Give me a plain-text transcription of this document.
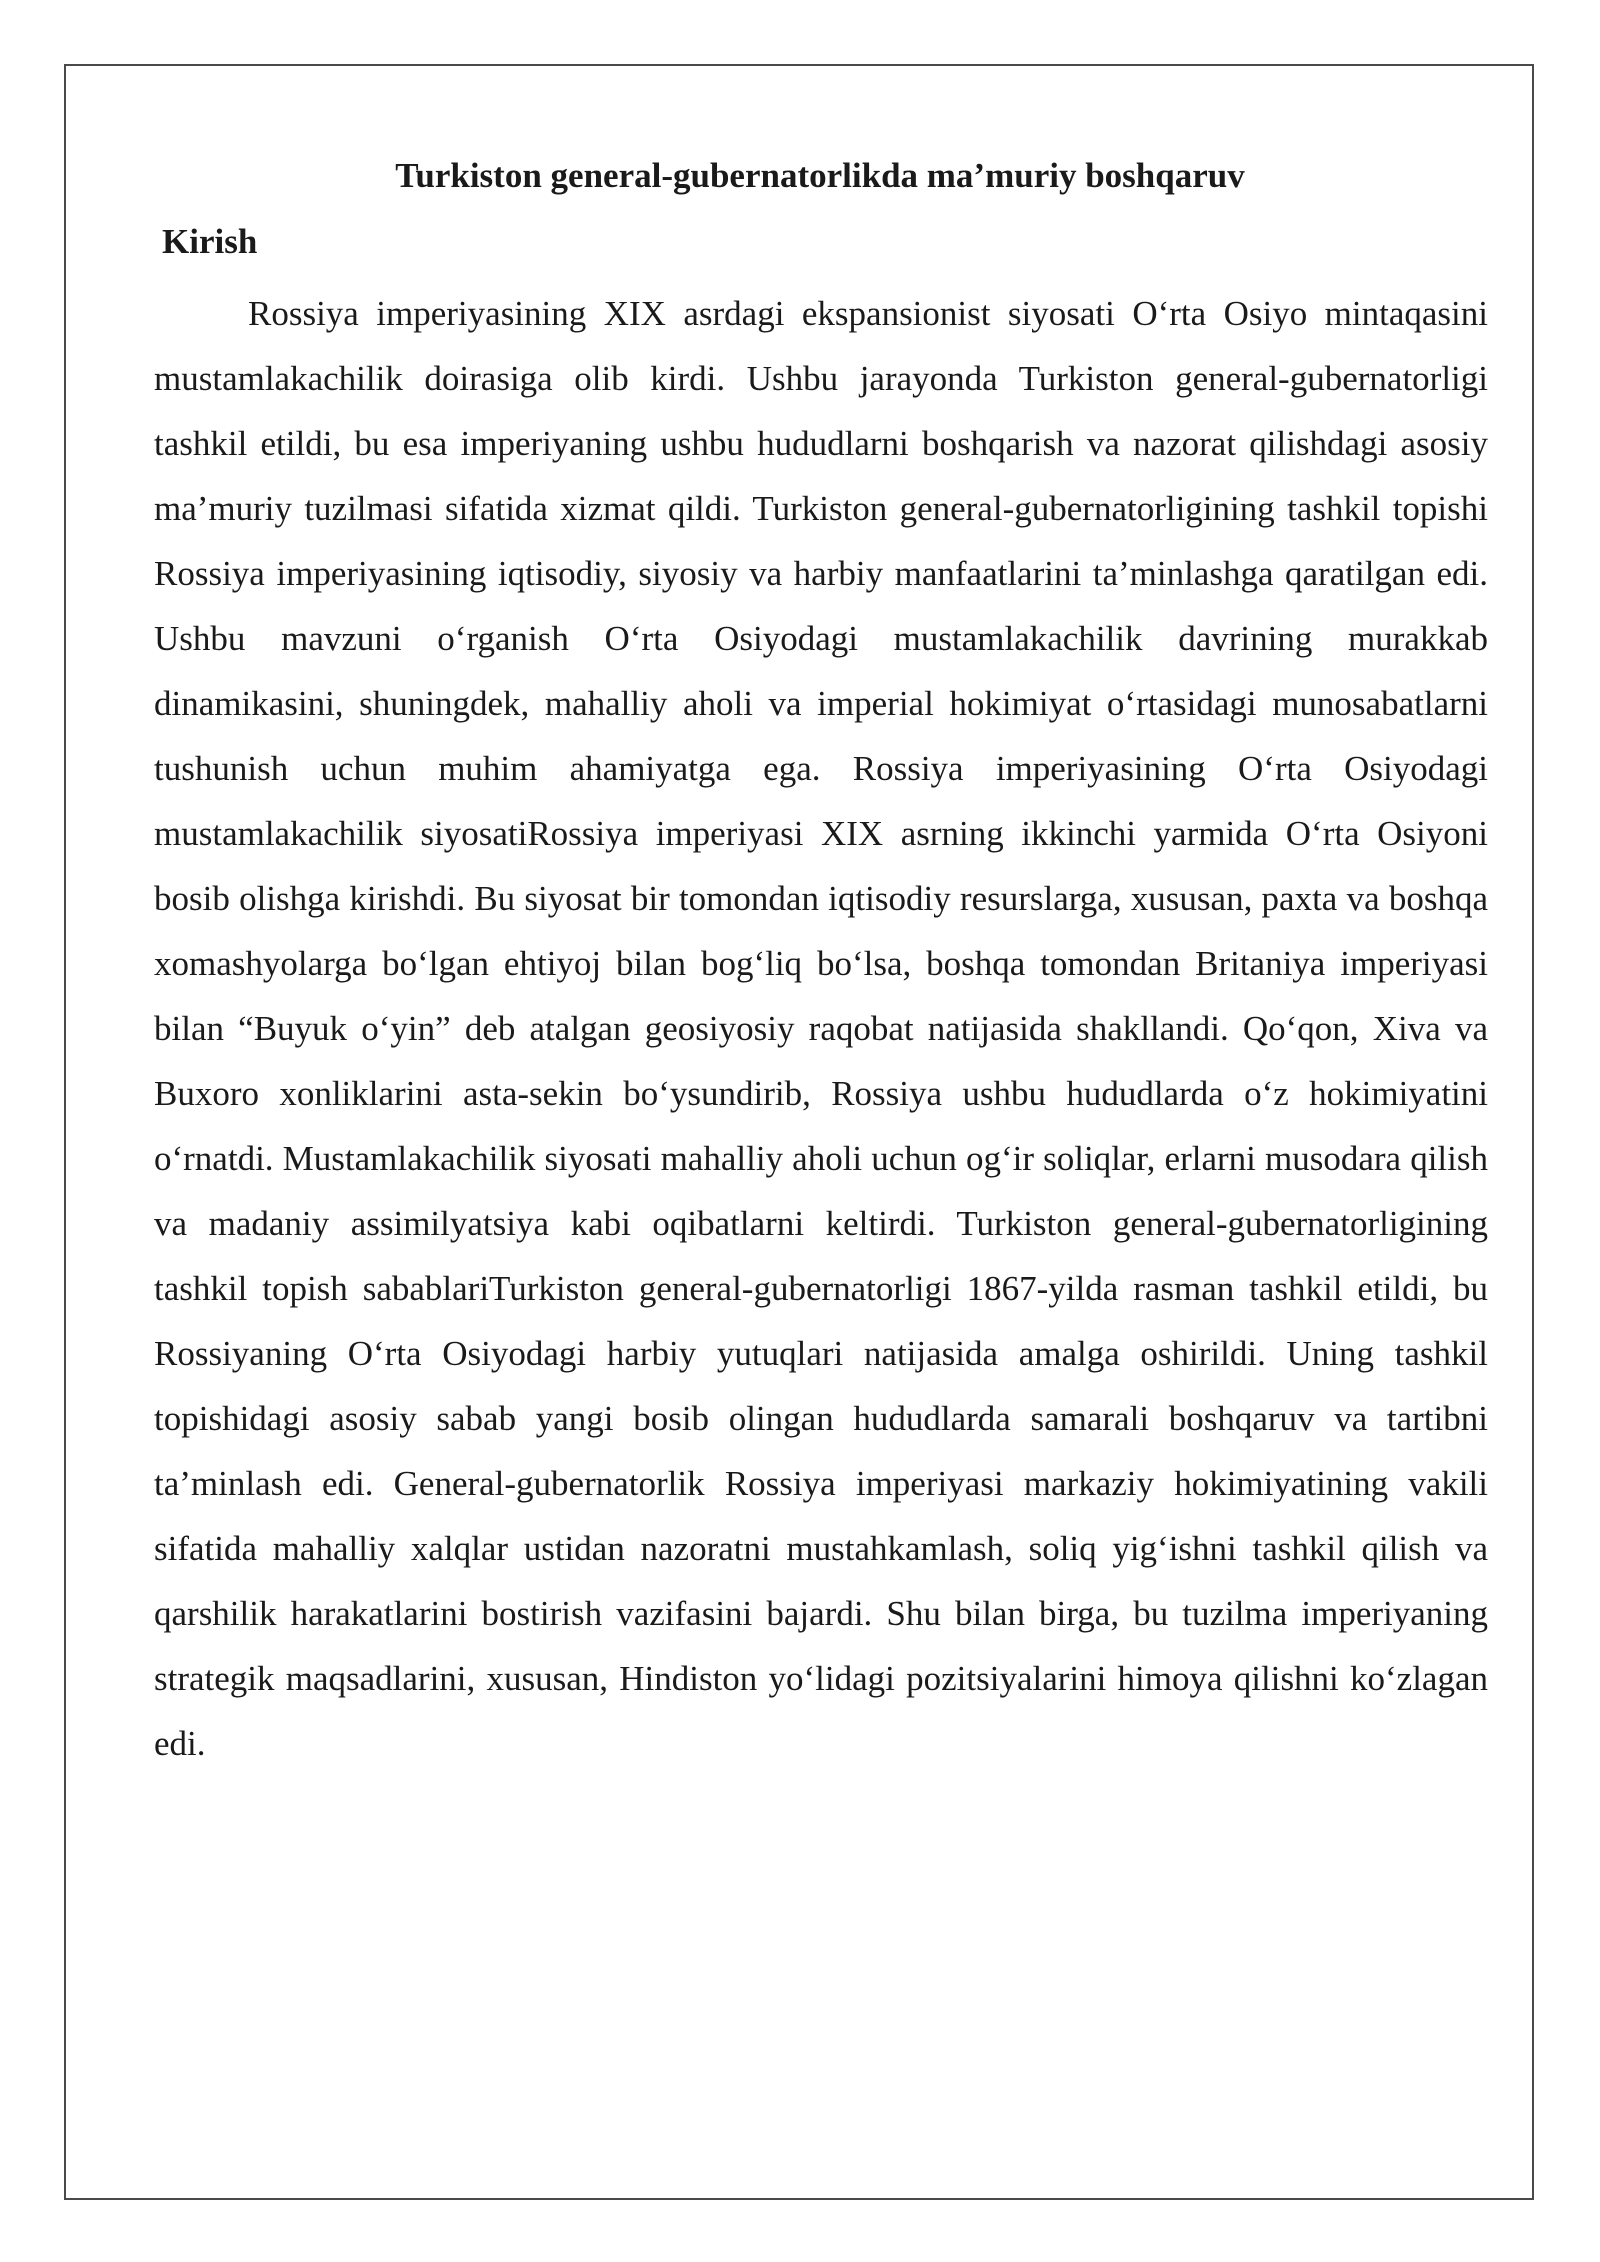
Turkiston general-gubernatorlikda ma’muriy boshqaruv
Kirish

Rossiya imperiyasining XIX asrdagi ekspansionist siyosati O‘rta Osiyo mintaqasini mustamlakachilik doirasiga olib kirdi. Ushbu jarayonda Turkiston general-gubernatorligi tashkil etildi, bu esa imperiyaning ushbu hududlarni boshqarish va nazorat qilishdagi asosiy ma’muriy tuzilmasi sifatida xizmat qildi. Turkiston general-gubernatorligining tashkil topishi Rossiya imperiyasining iqtisodiy, siyosiy va harbiy manfaatlarini ta’minlashga qaratilgan edi. Ushbu mavzuni o‘rganish O‘rta Osiyodagi mustamlakachilik davrining murakkab dinamikasini, shuningdek, mahalliy aholi va imperial hokimiyat o‘rtasidagi munosabatlarni tushunish uchun muhim ahamiyatga ega. Rossiya imperiyasining O‘rta Osiyodagi mustamlakachilik siyosatiRossiya imperiyasi XIX asrning ikkinchi yarmida O‘rta Osiyoni bosib olishga kirishdi. Bu siyosat bir tomondan iqtisodiy resurslarga, xususan, paxta va boshqa xomashyolarga bo‘lgan ehtiyoj bilan bog‘liq bo‘lsa, boshqa tomondan Britaniya imperiyasi bilan “Buyuk o‘yin” deb atalgan geosiyosiy raqobat natijasida shakllandi. Qo‘qon, Xiva va Buxoro xonliklarini asta-sekin bo‘ysundirib, Rossiya ushbu hududlarda o‘z hokimiyatini o‘rnatdi. Mustamlakachilik siyosati mahalliy aholi uchun og‘ir soliqlar, erlarni musodara qilish va madaniy assimilyatsiya kabi oqibatlarni keltirdi. Turkiston general-gubernatorligining tashkil topish sabablariTurkiston general-gubernatorligi 1867-yilda rasman tashkil etildi, bu Rossiyaning O‘rta Osiyodagi harbiy yutuqlari natijasida amalga oshirildi. Uning tashkil topishidagi asosiy sabab yangi bosib olingan hududlarda samarali boshqaruv va tartibni ta’minlash edi. General-gubernatorlik Rossiya imperiyasi markaziy hokimiyatining vakili sifatida mahalliy xalqlar ustidan nazoratni mustahkamlash, soliq yig‘ishni tashkil qilish va qarshilik harakatlarini bostirish vazifasini bajardi. Shu bilan birga, bu tuzilma imperiyaning strategik maqsadlarini, xususan, Hindiston yo‘lidagi pozitsiyalarini himoya qilishni ko‘zlagan edi.
